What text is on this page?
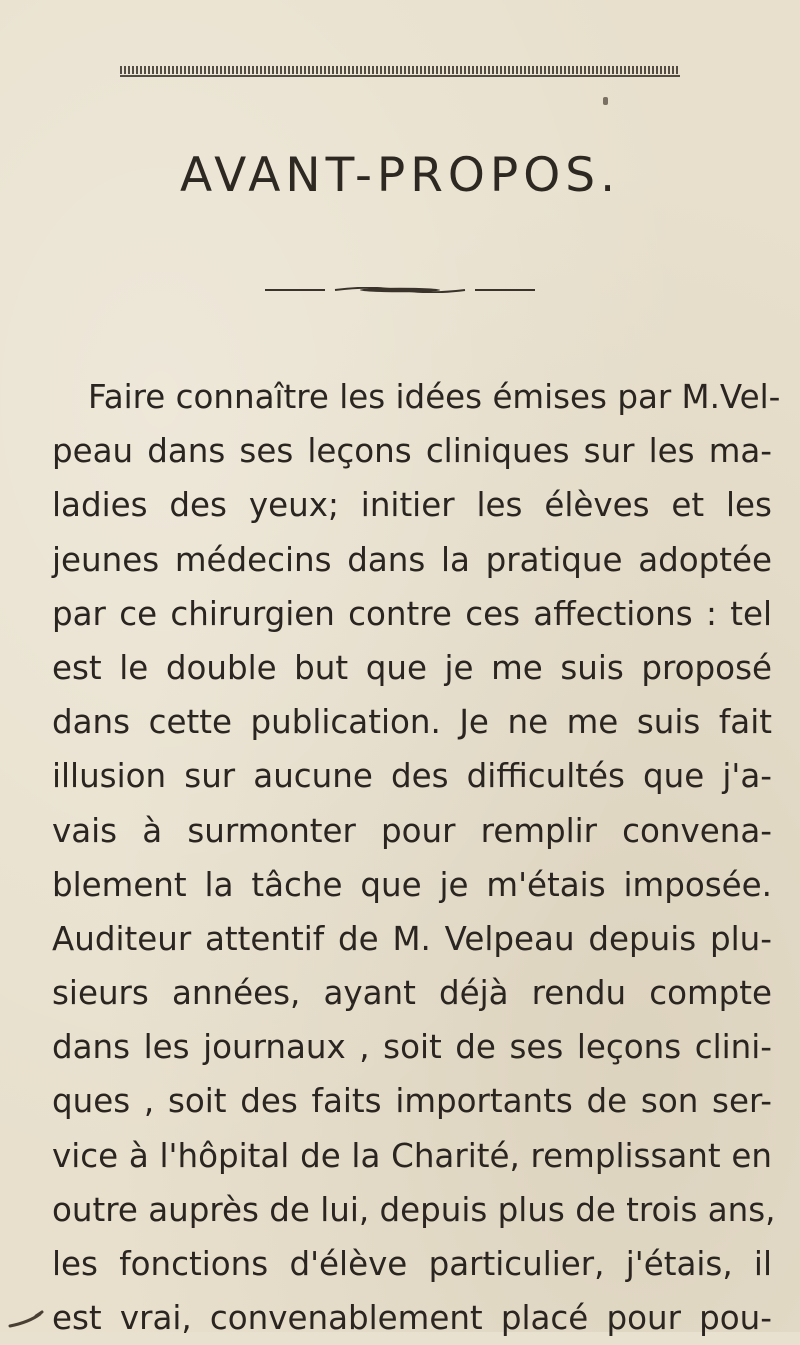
AVANT-PROPOS.
Faire connaître les idées émises par M.Vel-
peau dans ses leçons cliniques sur les ma-
ladies des yeux; initier les élèves et les
jeunes médecins dans la pratique adoptée
par ce chirurgien contre ces affections : tel
est le double but que je me suis proposé
dans cette publication. Je ne me suis fait
illusion sur aucune des difficultés que j'a-
vais à surmonter pour remplir convena-
blement la tâche que je m'étais imposée.
Auditeur attentif de M. Velpeau depuis plu-
sieurs années, ayant déjà rendu compte
dans les journaux , soit de ses leçons clini-
ques , soit des faits importants de son ser-
vice à l'hôpital de la Charité, remplissant en
outre auprès de lui, depuis plus de trois ans,
les fonctions d'élève particulier, j'étais, il
est vrai, convenablement placé pour pou-
